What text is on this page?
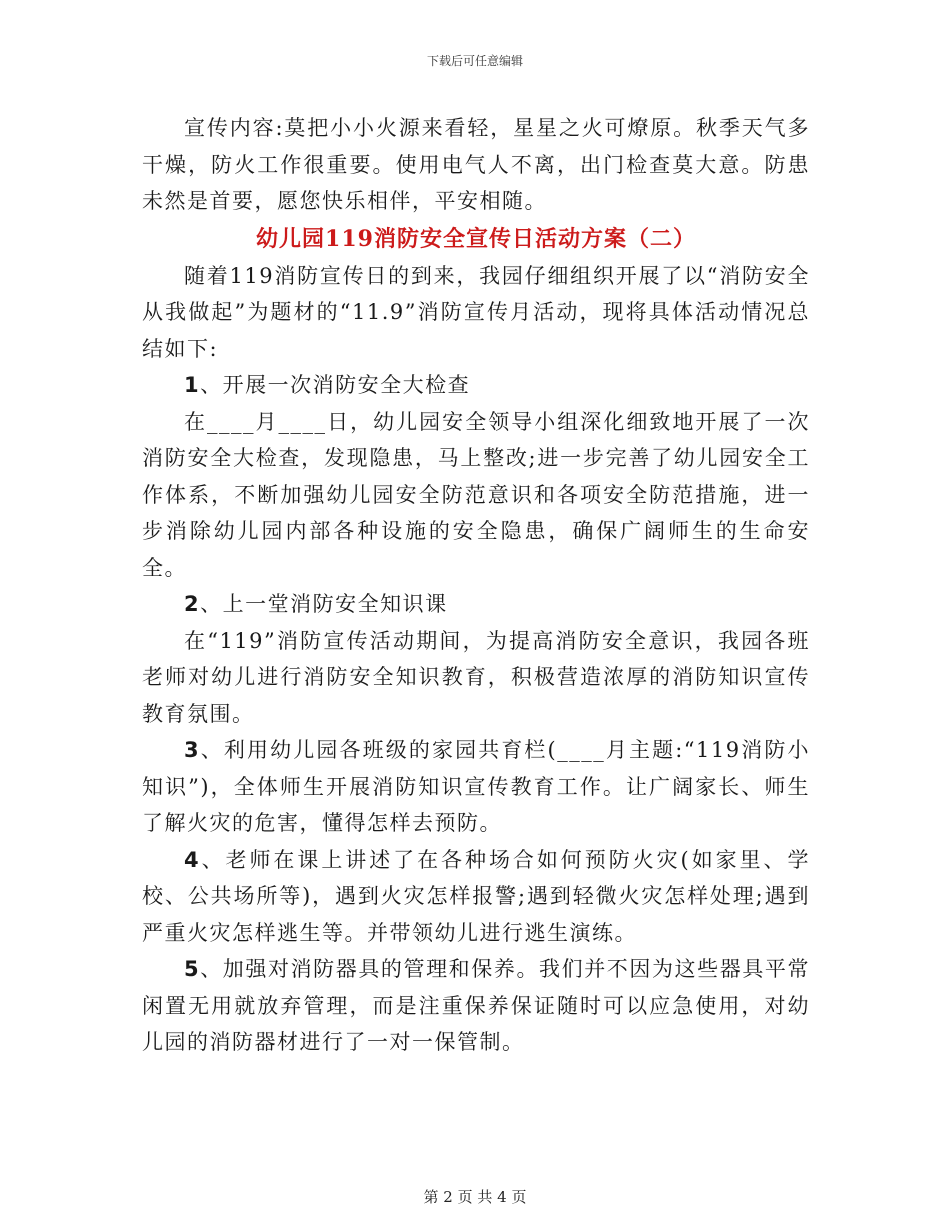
下载后可任意编辑

宣传内容:莫把小小火源来看轻，星星之火可燎原。秋季天气多干燥，防火工作很重要。使用电气人不离，出门检查莫大意。防患未然是首要，愿您快乐相伴，平安相随。

幼儿园119消防安全宣传日活动方案（二）

随着119消防宣传日的到来，我园仔细组织开展了以“消防安全从我做起”为题材的“11.9”消防宣传月活动，现将具体活动情况总结如下:

1、开展一次消防安全大检查

在____月____日，幼儿园安全领导小组深化细致地开展了一次消防安全大检查，发现隐患，马上整改;进一步完善了幼儿园安全工作体系，不断加强幼儿园安全防范意识和各项安全防范措施，进一步消除幼儿园内部各种设施的安全隐患，确保广阔师生的生命安全。

2、上一堂消防安全知识课

在“119”消防宣传活动期间，为提高消防安全意识，我园各班老师对幼儿进行消防安全知识教育，积极营造浓厚的消防知识宣传教育氛围。

3、利用幼儿园各班级的家园共育栏(____月主题:“119消防小知识”)，全体师生开展消防知识宣传教育工作。让广阔家长、师生了解火灾的危害，懂得怎样去预防。

4、老师在课上讲述了在各种场合如何预防火灾(如家里、学校、公共场所等)，遇到火灾怎样报警;遇到轻微火灾怎样处理;遇到严重火灾怎样逃生等。并带领幼儿进行逃生演练。

5、加强对消防器具的管理和保养。我们并不因为这些器具平常闲置无用就放弃管理，而是注重保养保证随时可以应急使用，对幼儿园的消防器材进行了一对一保管制。

第 2 页 共 4 页
